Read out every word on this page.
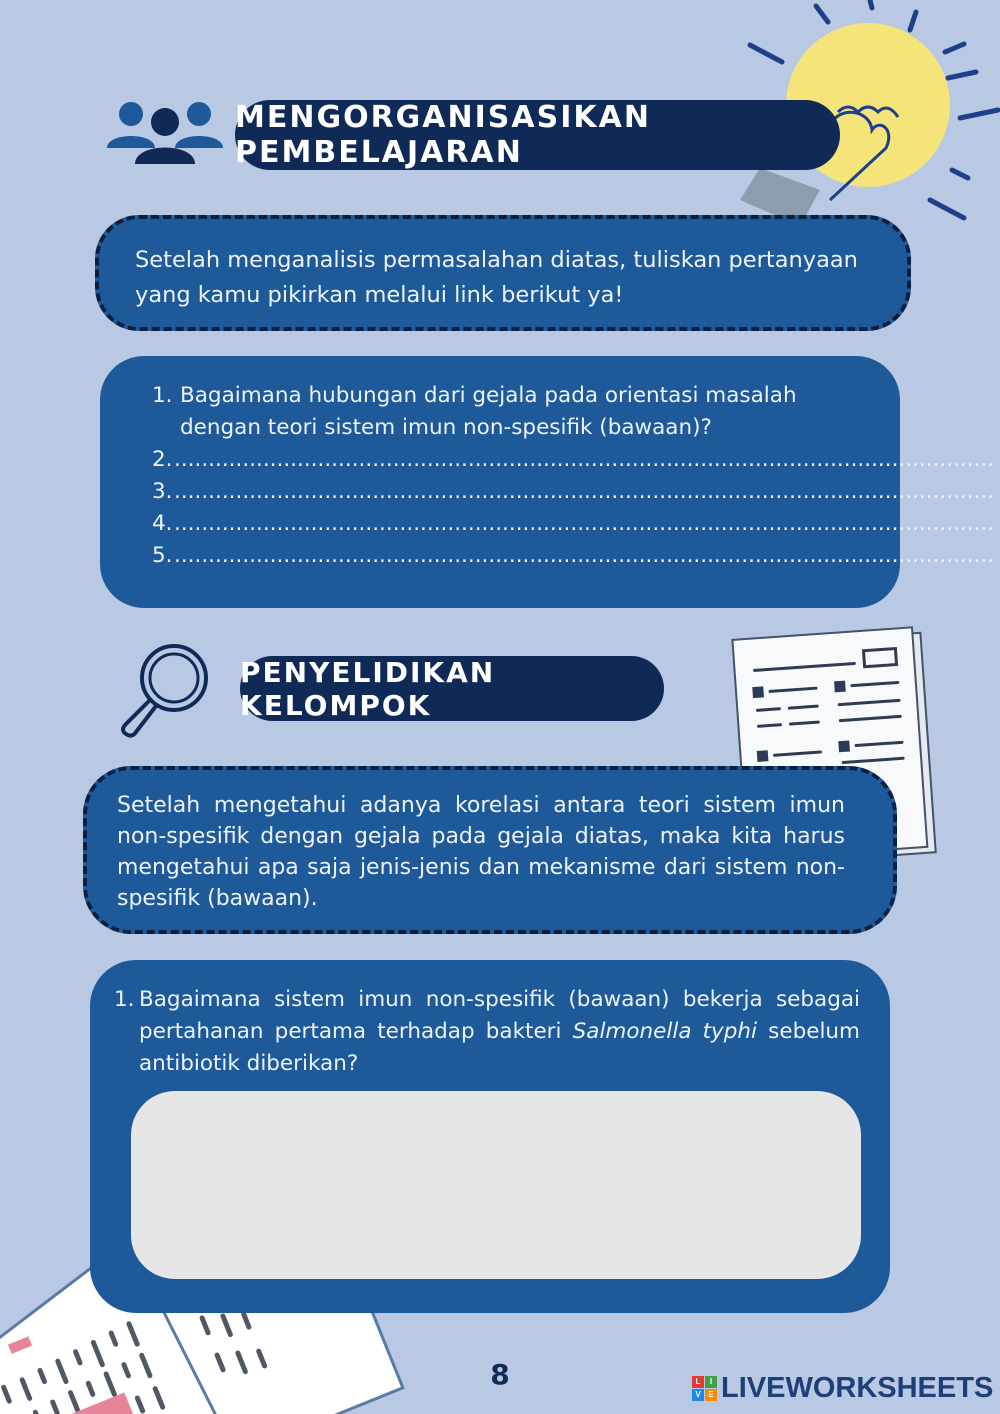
MENGORGANISASIKAN PEMBELAJARAN
Setelah menganalisis permasalahan diatas, tuliskan pertanyaan yang kamu pikirkan melalui link berikut ya!
1. Bagaimana hubungan dari gejala pada orientasi masalah dengan teori sistem imun non-spesifik (bawaan)?
2. ........................................................................................................................
3. ........................................................................................................................
4. ........................................................................................................................
5. ........................................................................................................................
PENYELIDIKAN KELOMPOK
Setelah mengetahui adanya korelasi antara teori sistem imun non-spesifik dengan gejala pada gejala diatas, maka kita harus mengetahui apa saja jenis-jenis dan mekanisme dari sistem non-spesifik (bawaan).
1. Bagaimana sistem imun non-spesifik (bawaan) bekerja sebagai pertahanan pertama terhadap bakteri Salmonella typhi sebelum antibiotik diberikan?
8	L	I
V E LIVEWORKSHEETS
